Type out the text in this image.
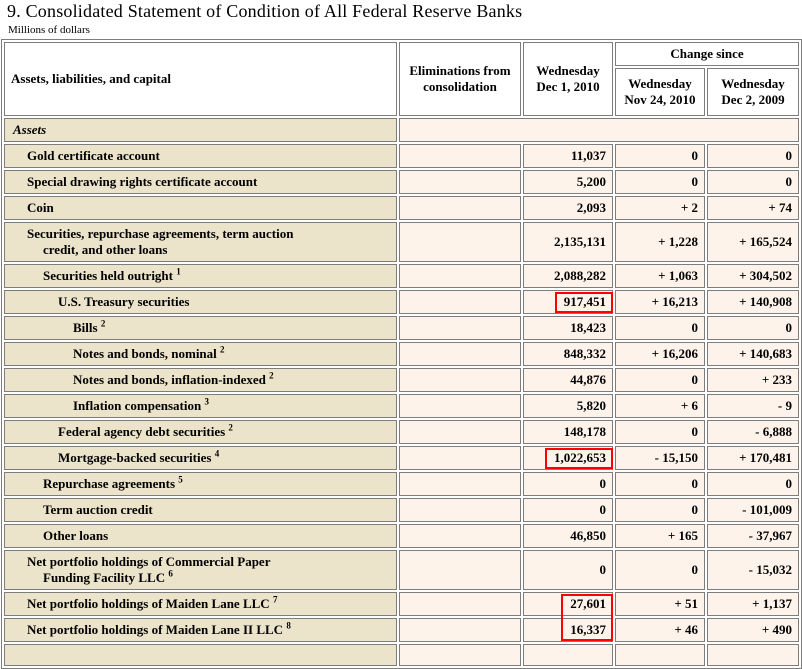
9. Consolidated Statement of Condition of All Federal Reserve Banks
Millions of dollars
Assets, liabilities, and capital	Eliminations from consolidation	Wednesday Dec 1, 2010	Change since	
			Wednesday Nov 24, 2010	Wednesday Dec 2, 2009
Assets				
Gold certificate account		11,037	0	0
Special drawing rights certificate account		5,200	0	0
Coin		2,093	+ 2	+ 74
Securities, repurchase agreements, term auction
credit, and other loans		2,135,131	+ 1,228	+ 165,524
Securities held outright $^1$		2,088,282	+ 1,063	+ 304,502
U.S. Treasury securities		917,451	+ 16,213	+ 140,908
Bills $^2$		18,423	0	0
Notes and bonds, nominal $^2$		848,332	+ 16,206	+ 140,683
Notes and bonds, inflation-indexed $^2$		44,876	0	+ 233
Inflation compensation $^3$		5,820	+ 6	- 9
Federal agency debt securities $^2$		148,178	0	- 6,888
Mortgage-backed securities $^4$		1,022,653	- 15,150	+ 170,481
Repurchase agreements $^5$		0	0	0
Term auction credit		0	0	- 101,009
Other loans		46,850	+ 165	- 37,967
Net portfolio holdings of Commercial Paper
Funding Facility LLC $^6$		0	0	- 15,032
Net portfolio holdings of Maiden Lane LLC $^7$		27,601	+ 51	+ 1,137
Net portfolio holdings of Maiden Lane II LLC $^8$		16,337	+ 46	+ 490
